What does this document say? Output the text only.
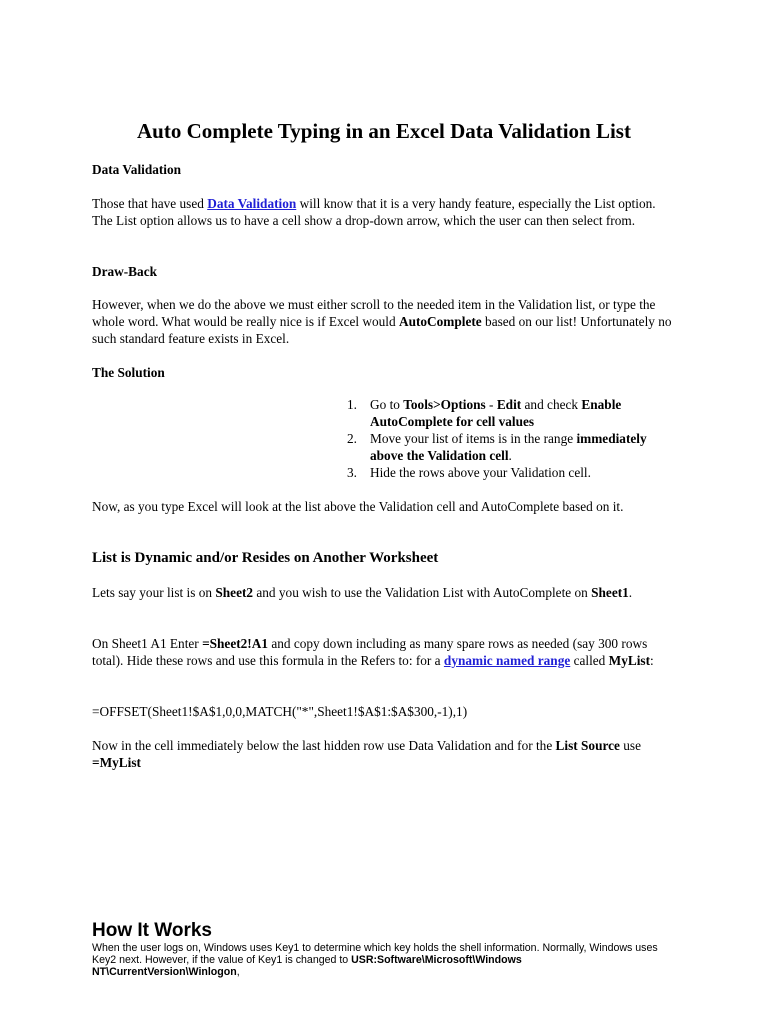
Auto Complete Typing in an Excel Data Validation List

Data Validation

Those that have used Data Validation will know that it is a very handy feature, especially the List option. The List option allows us to have a cell show a drop-down arrow, which the user can then select from.

Draw-Back

However, when we do the above we must either scroll to the needed item in the Validation list, or type the whole word. What would be really nice is if Excel would AutoComplete based on our list! Unfortunately no such standard feature exists in Excel.

The Solution

1. Go to Tools>Options - Edit and check Enable AutoComplete for cell values
2. Move your list of items is in the range immediately above the Validation cell.
3. Hide the rows above your Validation cell.

Now, as you type Excel will look at the list above the Validation cell and AutoComplete based on it.

List is Dynamic and/or Resides on Another Worksheet

Lets say your list is on Sheet2 and you wish to use the Validation List with AutoComplete on Sheet1.

On Sheet1 A1 Enter =Sheet2!A1 and copy down including as many spare rows as needed (say 300 rows total). Hide these rows and use this formula in the Refers to: for a dynamic named range called MyList:

=OFFSET(Sheet1!$A$1,0,0,MATCH("*",Sheet1!$A$1:$A$300,-1),1)

Now in the cell immediately below the last hidden row use Data Validation and for the List Source use =MyList

How It Works

When the user logs on, Windows uses Key1 to determine which key holds the shell information. Normally, Windows uses
Key2 next. However, if the value of Key1 is changed to USR:Software\Microsoft\Windows NT\CurrentVersion\Winlogon,
